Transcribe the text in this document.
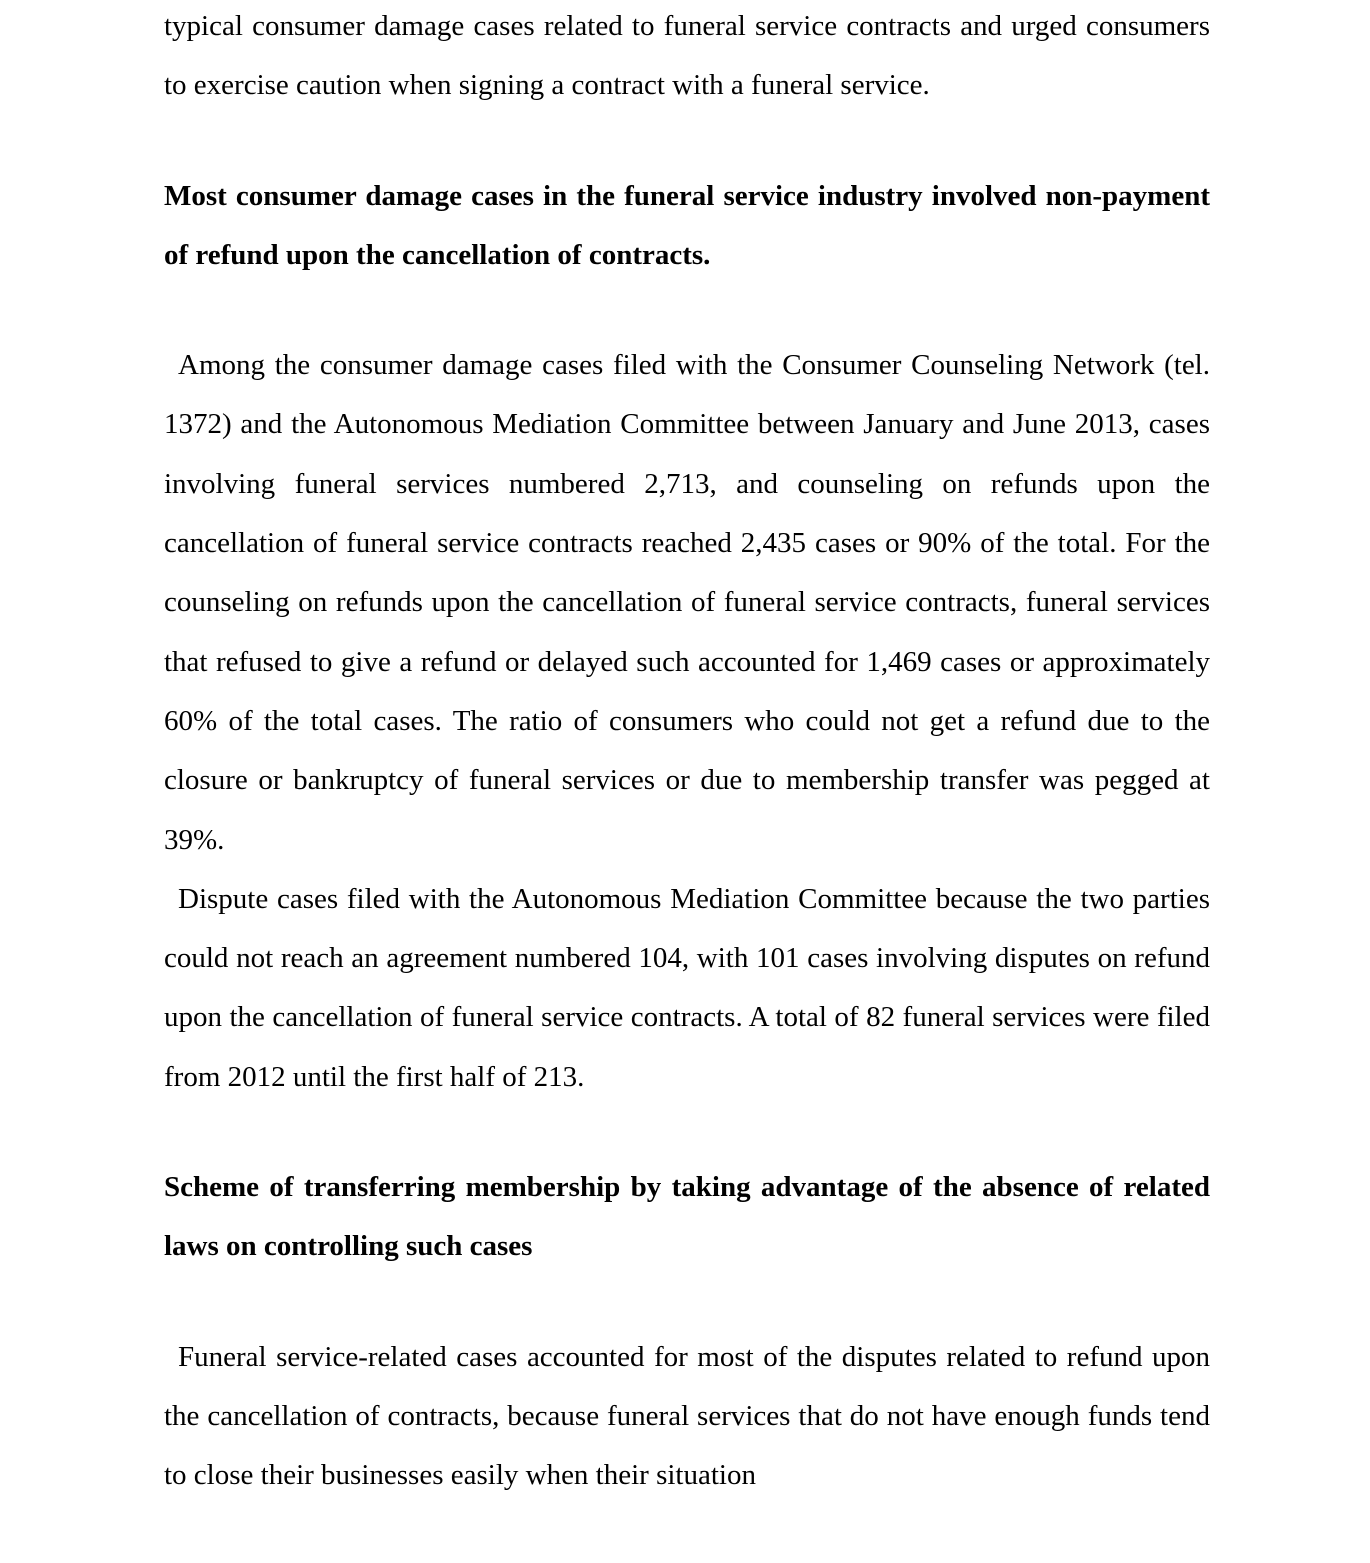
typical consumer damage cases related to funeral service contracts and urged consumers to exercise caution when signing a contract with a funeral service.

Most consumer damage cases in the funeral service industry involved non-payment of refund upon the cancellation of contracts.

Among the consumer damage cases filed with the Consumer Counseling Network (tel. 1372) and the Autonomous Mediation Committee between January and June 2013, cases involving funeral services numbered 2,713, and counseling on refunds upon the cancellation of funeral service contracts reached 2,435 cases or 90% of the total. For the counseling on refunds upon the cancellation of funeral service contracts, funeral services that refused to give a refund or delayed such accounted for 1,469 cases or approximately 60% of the total cases. The ratio of consumers who could not get a refund due to the closure or bankruptcy of funeral services or due to membership transfer was pegged at 39%.

Dispute cases filed with the Autonomous Mediation Committee because the two parties could not reach an agreement numbered 104, with 101 cases involving disputes on refund upon the cancellation of funeral service contracts. A total of 82 funeral services were filed from 2012 until the first half of 213.

Scheme of transferring membership by taking advantage of the absence of related laws on controlling such cases

Funeral service-related cases accounted for most of the disputes related to refund upon the cancellation of contracts, because funeral services that do not have enough funds tend to close their businesses easily when their situation
